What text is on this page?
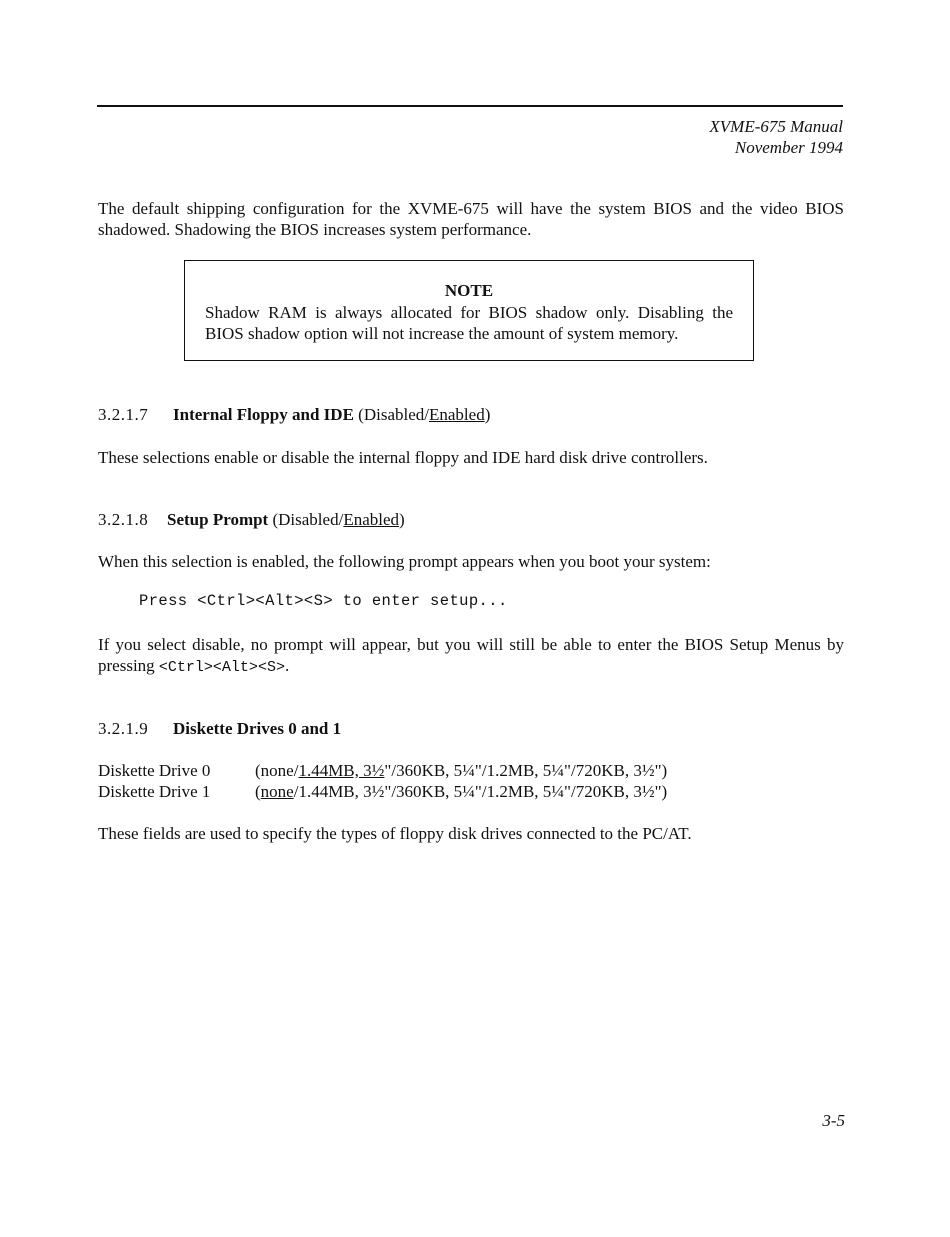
XVME-675 Manual
November 1994
The default shipping configuration for the XVME-675 will have the system BIOS and the video BIOS shadowed. Shadowing the BIOS increases system performance.
NOTE
Shadow RAM is always allocated for BIOS shadow only. Disabling the BIOS shadow option will not increase the amount of system memory.
3.2.1.7 Internal Floppy and IDE (Disabled/Enabled)
These selections enable or disable the internal floppy and IDE hard disk drive controllers.
3.2.1.8 Setup Prompt (Disabled/Enabled)
When this selection is enabled, the following prompt appears when you boot your system:
Press <Ctrl><Alt><S> to enter setup...
If you select disable, no prompt will appear, but you will still be able to enter the BIOS Setup Menus by pressing <Ctrl><Alt><S>.
3.2.1.9 Diskette Drives 0 and 1
Diskette Drive 0	(none/1.44MB, 3½"/360KB, 5¼"/1.2MB, 5¼"/720KB, 3½")
Diskette Drive 1	(none/1.44MB, 3½"/360KB, 5¼"/1.2MB, 5¼"/720KB, 3½")
These fields are used to specify the types of floppy disk drives connected to the PC/AT.
3-5
